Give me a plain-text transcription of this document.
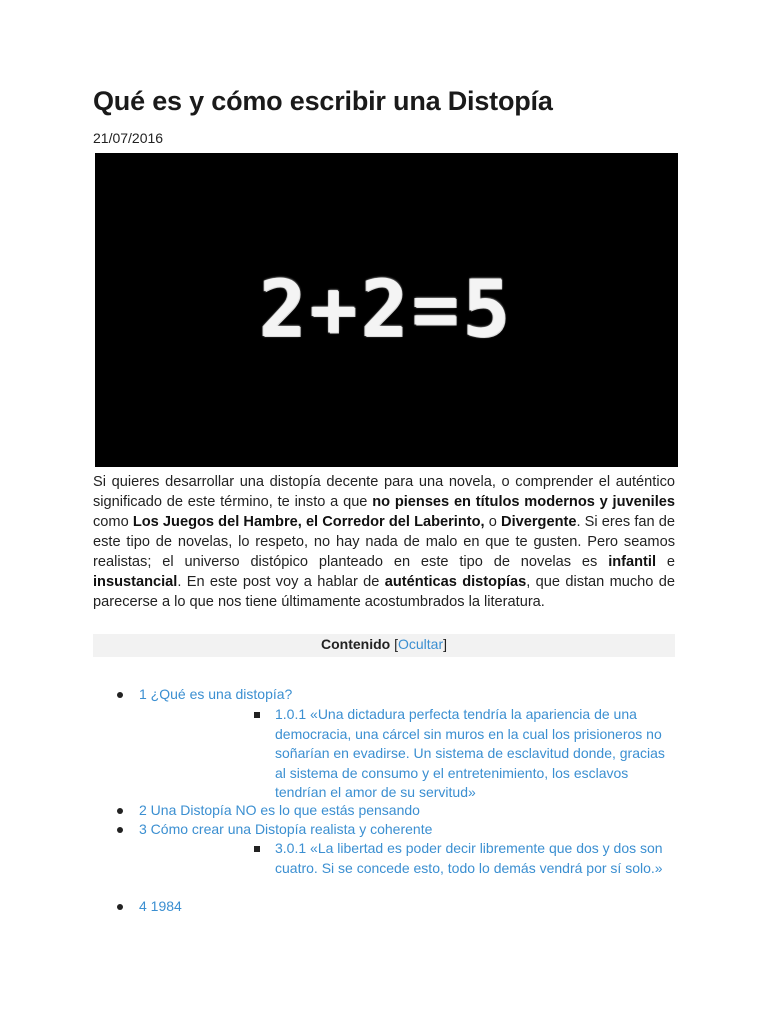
Qué es y cómo escribir una Distopía
21/07/2016
2+2=5

Si quieres desarrollar una distopía decente para una novela, o comprender el auténtico significado de este término, te insto a que no pienses en títulos modernos y juveniles como Los Juegos del Hambre, el Corredor del Laberinto, o Divergente. Si eres fan de este tipo de novelas, lo respeto, no hay nada de malo en que te gusten. Pero seamos realistas; el universo distópico planteado en este tipo de novelas es infantil e insustancial. En este post voy a hablar de auténticas distopías, que distan mucho de parecerse a lo que nos tiene últimamente acostumbrados la literatura.

Contenido [Ocultar]
1 ¿Qué es una distopía?
1.0.1 «Una dictadura perfecta tendría la apariencia de una democracia, una cárcel sin muros en la cual los prisioneros no soñarían en evadirse. Un sistema de esclavitud donde, gracias al sistema de consumo y el entretenimiento, los esclavos tendrían el amor de su servitud»
2 Una Distopía NO es lo que estás pensando
3 Cómo crear una Distopía realista y coherente
3.0.1 «La libertad es poder decir libremente que dos y dos son cuatro. Si se concede esto, todo lo demás vendrá por sí solo.»
4 1984
